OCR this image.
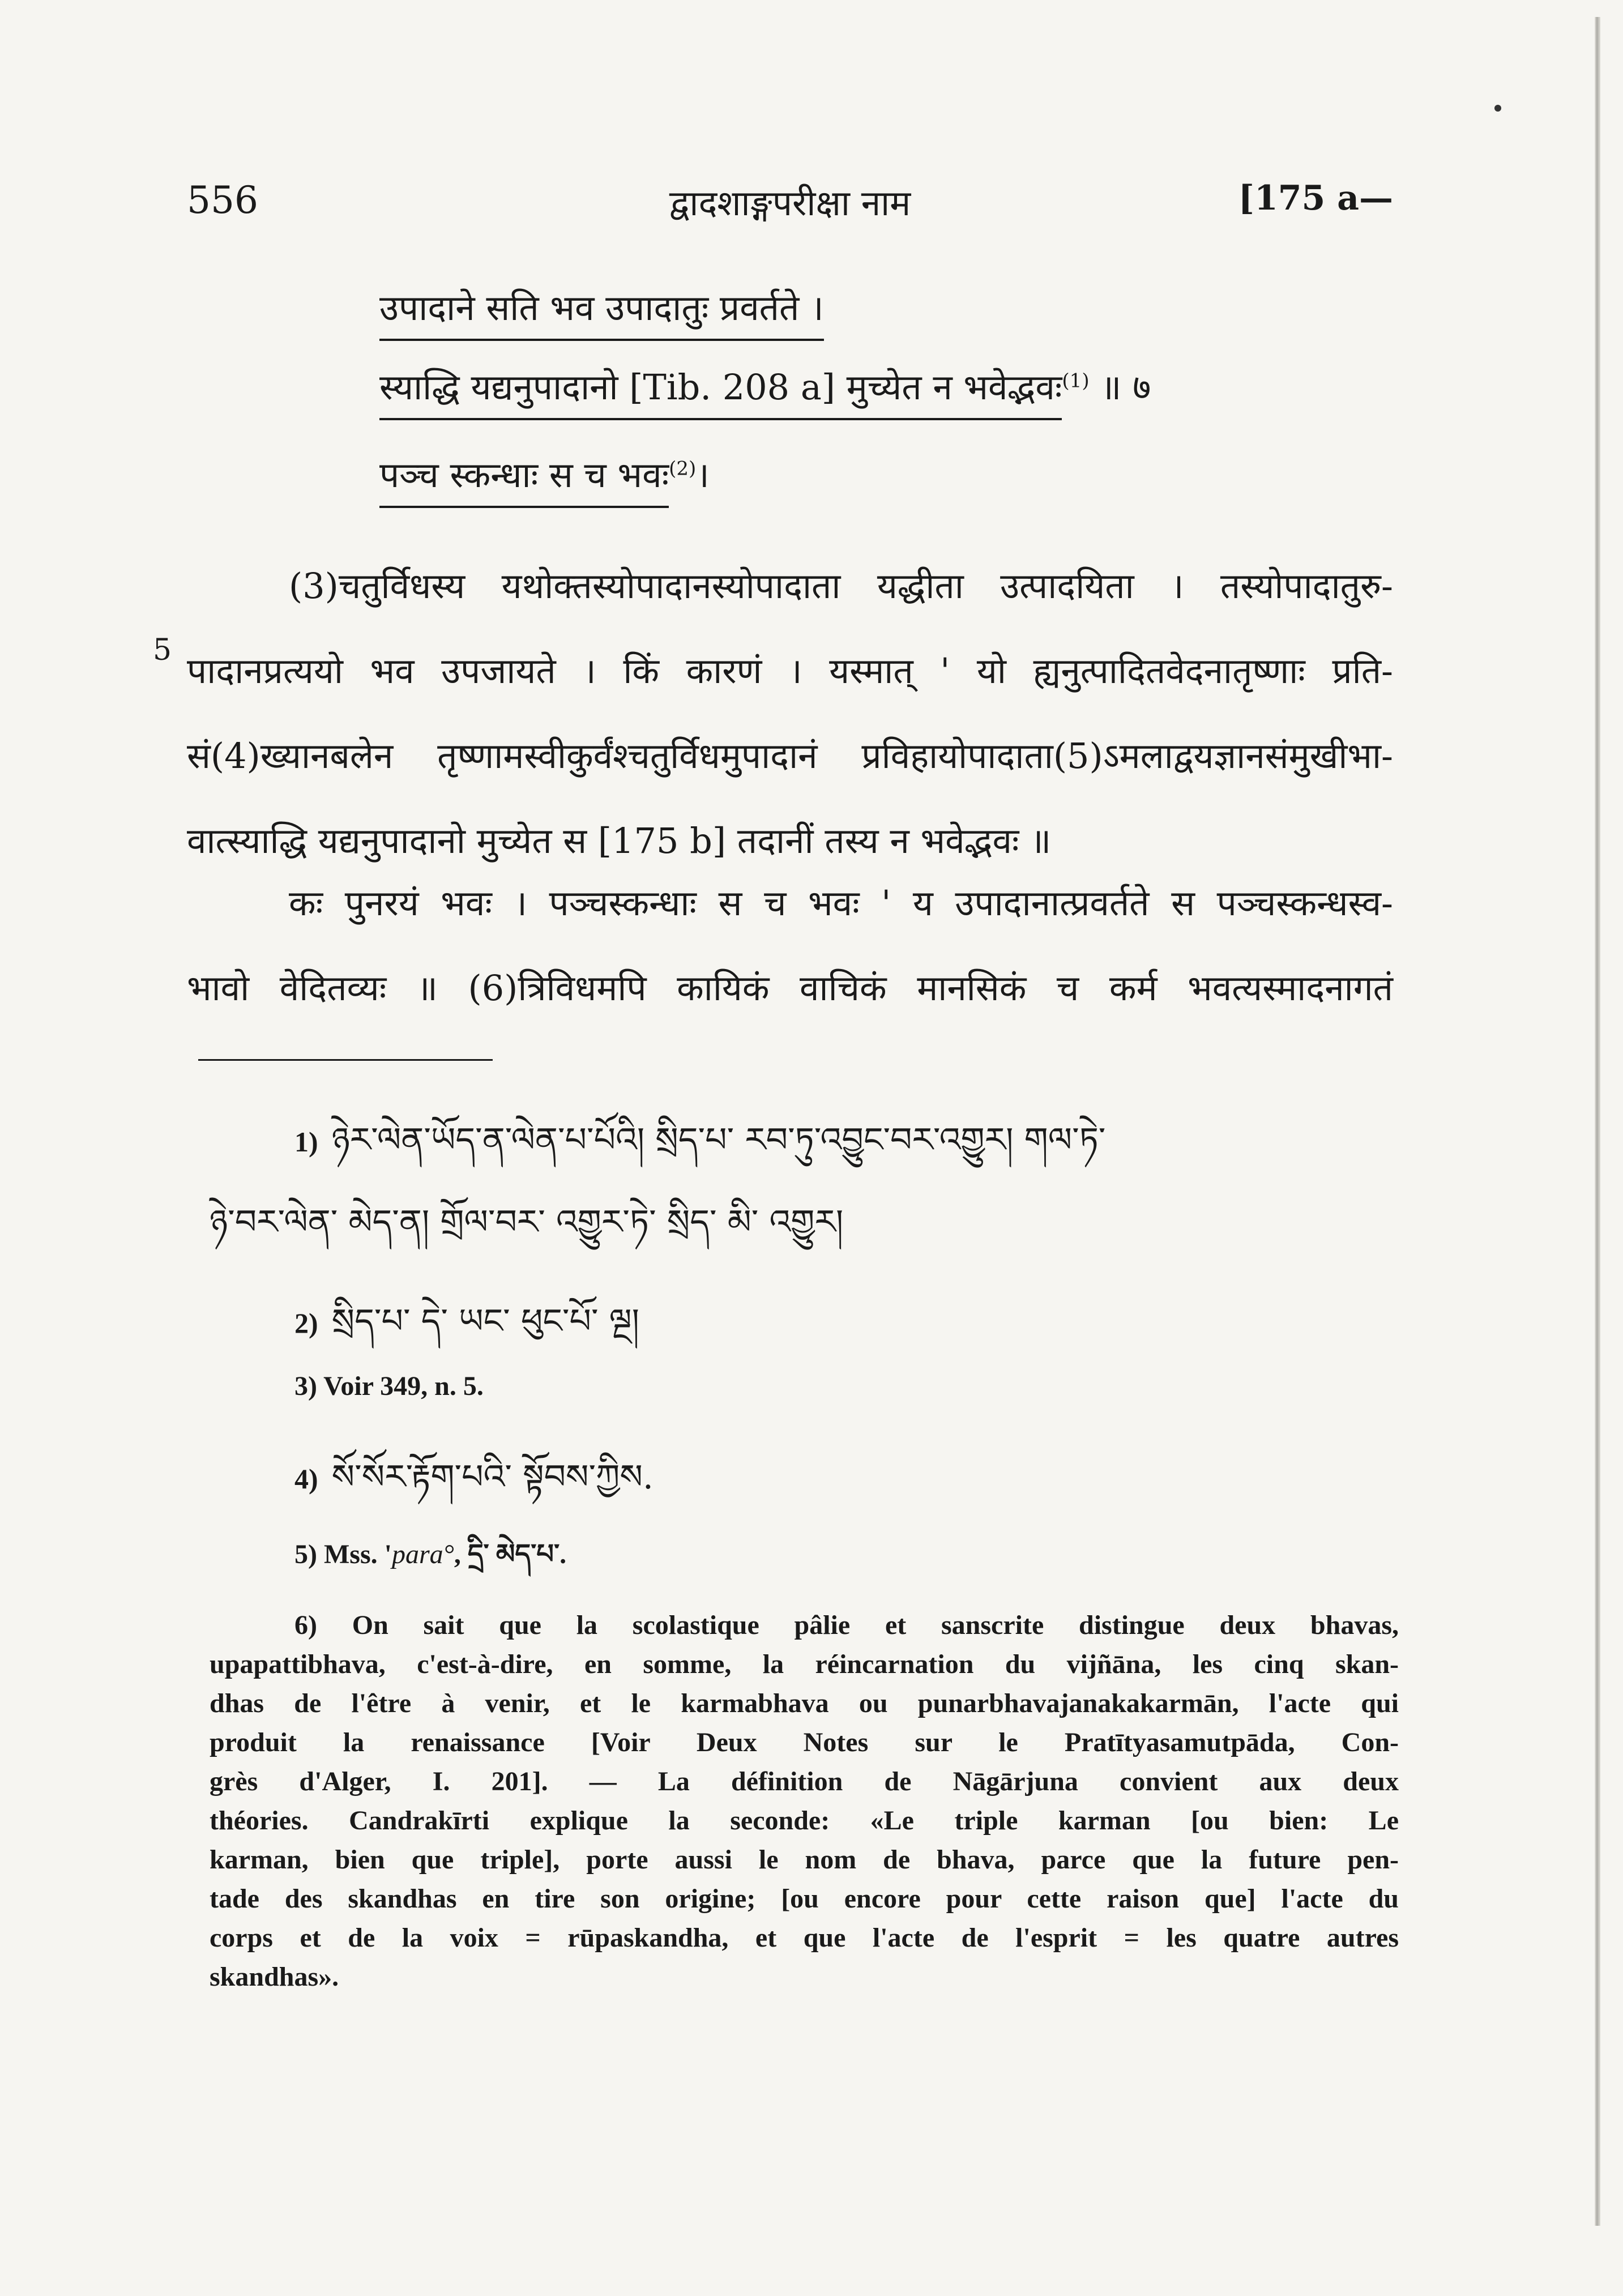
556	द्वादशाङ्गपरीक्षा नाम	[175 a—
उपादाने सति भव उपादातुः प्रवर्तते ।
स्याद्धि यद्यनुपादानो [Tib. 208 a] मुच्येत न भवेद्भवः$^{(1)}$ ॥ ७
पञ्च स्कन्धाः स च भवः$^{(2)}$।
5
(3)चतुर्विधस्य यथोक्तस्योपादानस्योपादाता यद्धीता उत्पादयिता । तस्योपादातुरु-
पादानप्रत्ययो भव उपजायते । किं कारणं । यस्मात् ' यो ह्यनुत्पादितवेदनातृष्णाः प्रति-
सं(4)ख्यानबलेन तृष्णामस्वीकुर्वंश्चतुर्विधमुपादानं प्रविहायोपादाता(5)ऽमलाद्वयज्ञानसंमुखीभा-
वात्स्याद्धि यद्यनुपादानो मुच्येत स [175 b] तदानीं तस्य न भवेद्भवः ॥
कः पुनरयं भवः । पञ्चस्कन्धाः स च भवः ' य उपादानात्प्रवर्तते स पञ्चस्कन्धस्व-
भावो वेदितव्यः ॥ (6)त्रिविधमपि कायिकं वाचिकं मानसिकं च कर्म भवत्यस्मादनागतं
1) ཉེར་ལེན་ཡོད་ན་ལེན་པ་པོའི། སྲིད་པ་ རབ་ཏུ་འབྱུང་བར་འགྱུར། གལ་ཏེ་
ཉེ་བར་ལེན་ མེད་ན། གྲོལ་བར་ འགྱུར་ཏེ་ སྲིད་ མི་ འགྱུར།
2) སྲིད་པ་ དེ་ ཡང་ ཕུང་པོ་ ལྔ།
3) Voir 349, n. 5.
4) སོ་སོར་རྟོག་པའི་ སྟོབས་ཀྱིས.
5) Mss. 'para°, དྲི་ མེད་པ་.
6) On sait que la scolastique pâlie et sanscrite distingue deux bhavas,
upapattibhava, c'est-à-dire, en somme, la réincarnation du vijñāna, les cinq skan-
dhas de l'être à venir, et le karmabhava ou punarbhavajanakakarmān, l'acte qui
produit la renaissance [Voir Deux Notes sur le Pratītyasamutpāda, Con-
grès d'Alger, I. 201]. — La définition de Nāgārjuna convient aux deux
théories. Candrakīrti explique la seconde: «Le triple karman [ou bien: Le
karman, bien que triple], porte aussi le nom de bhava, parce que la future pen-
tade des skandhas en tire son origine; [ou encore pour cette raison que] l'acte du
corps et de la voix = rūpaskandha, et que l'acte de l'esprit = les quatre autres
skandhas».
